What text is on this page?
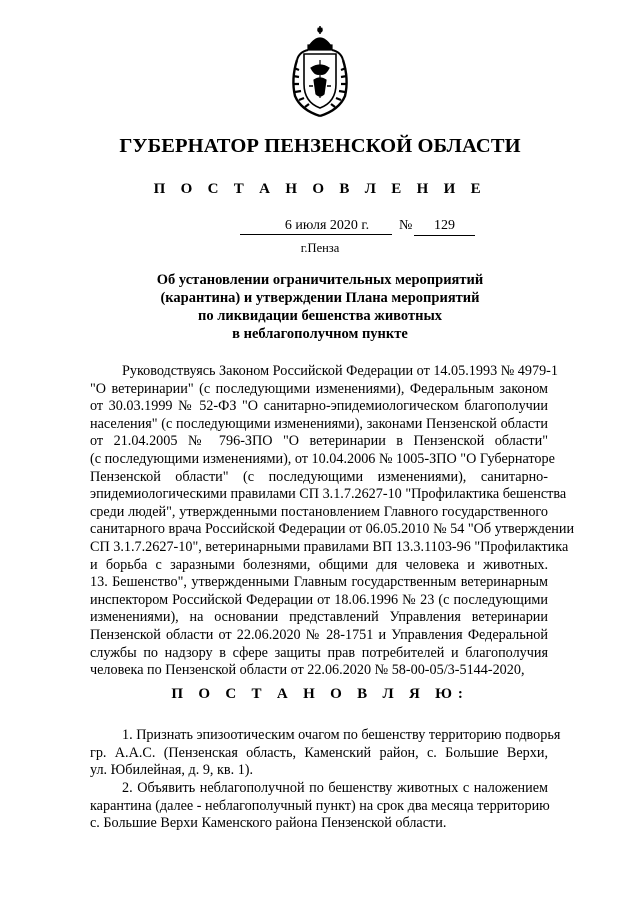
ГУБЕРНАТОР ПЕНЗЕНСКОЙ ОБЛАСТИ
П О С Т А Н О В Л Е Н И Е
6 июля 2020 г.	№	129
г.Пенза
Об установлении ограничительных мероприятий
(карантина) и утверждении Плана мероприятий
по ликвидации бешенства животных
в неблагополучном пункте
Руководствуясь Законом Российской Федерации от 14.05.1993 № 4979-1
"О ветеринарии" (с последующими изменениями), Федеральным законом
от 30.03.1999 № 52-ФЗ "О санитарно-эпидемиологическом благополучии
населения" (с последующими изменениями), законами Пензенской области
от 21.04.2005 № 796-ЗПО "О ветеринарии в Пензенской области"
(с последующими изменениями), от 10.04.2006 № 1005-ЗПО "О Губернаторе
Пензенской области" (с последующими изменениями), санитарно-
эпидемиологическими правилами СП 3.1.7.2627-10 "Профилактика бешенства
среди людей", утвержденными постановлением Главного государственного
санитарного врача Российской Федерации от 06.05.2010 № 54 "Об утверждении
СП 3.1.7.2627-10", ветеринарными правилами ВП 13.3.1103-96 "Профилактика
и борьба с заразными болезнями, общими для человека и животных.
13. Бешенство", утвержденными Главным государственным ветеринарным
инспектором Российской Федерации от 18.06.1996 № 23 (с последующими
изменениями), на основании представлений Управления ветеринарии
Пензенской области от 22.06.2020 № 28-1751 и Управления Федеральной
службы по надзору в сфере защиты прав потребителей и благополучия
человека по Пензенской области от 22.06.2020 № 58-00-05/3-5144-2020,
П О С Т А Н О В Л Я Ю:
1. Признать эпизоотическим очагом по бешенству территорию подворья
гр. А.А.С. (Пензенская область, Каменский район, с. Большие Верхи,
ул. Юбилейная, д. 9, кв. 1).
2. Объявить неблагополучной по бешенству животных с наложением
карантина (далее - неблагополучный пункт) на срок два месяца территорию
с. Большие Верхи Каменского района Пензенской области.
